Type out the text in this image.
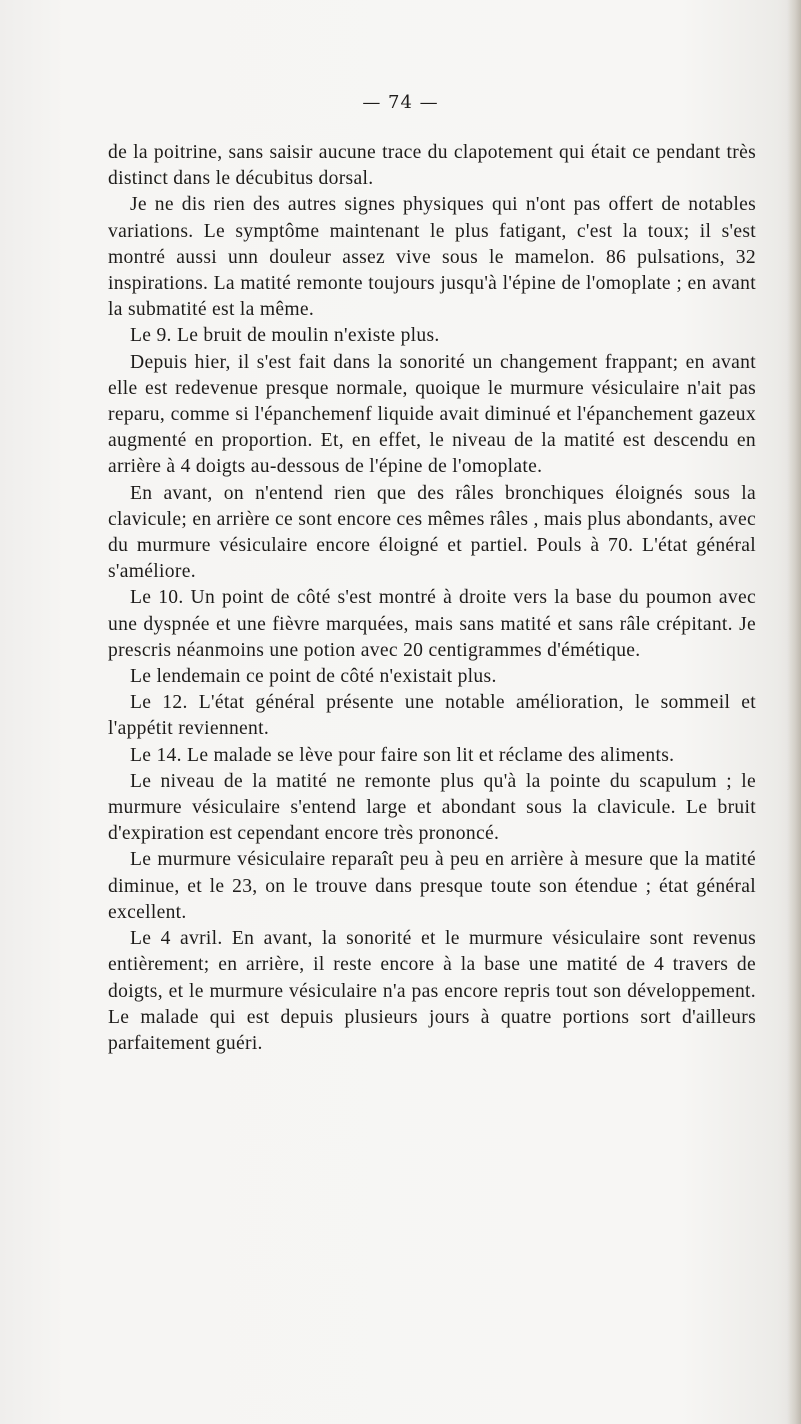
— 74 —

de la poitrine, sans saisir aucune trace du clapotement qui était ce pendant très distinct dans le décubitus dorsal.

Je ne dis rien des autres signes physiques qui n'ont pas offert de notables variations. Le symptôme maintenant le plus fatigant, c'est la toux; il s'est montré aussi unn douleur assez vive sous le mamelon. 86 pulsations, 32 inspirations. La matité remonte toujours jusqu'à l'épine de l'omoplate ; en avant la submatité est la même.

Le 9. Le bruit de moulin n'existe plus.

Depuis hier, il s'est fait dans la sonorité un changement frappant; en avant elle est redevenue presque normale, quoique le murmure vésiculaire n'ait pas reparu, comme si l'épanchemenf liquide avait diminué et l'épanchement gazeux augmenté en proportion. Et, en effet, le niveau de la matité est descendu en arrière à 4 doigts au-dessous de l'épine de l'omoplate.

En avant, on n'entend rien que des râles bronchiques éloignés sous la clavicule; en arrière ce sont encore ces mêmes râles , mais plus abondants, avec du murmure vésiculaire encore éloigné et partiel. Pouls à 70. L'état général s'améliore.

Le 10. Un point de côté s'est montré à droite vers la base du poumon avec une dyspnée et une fièvre marquées, mais sans matité et sans râle crépitant. Je prescris néanmoins une potion avec 20 centigrammes d'émétique.

Le lendemain ce point de côté n'existait plus.

Le 12. L'état général présente une notable amélioration, le sommeil et l'appétit reviennent.

Le 14. Le malade se lève pour faire son lit et réclame des aliments.

Le niveau de la matité ne remonte plus qu'à la pointe du scapulum ; le murmure vésiculaire s'entend large et abondant sous la clavicule. Le bruit d'expiration est cependant encore très prononcé.

Le murmure vésiculaire reparaît peu à peu en arrière à mesure que la matité diminue, et le 23, on le trouve dans presque toute son étendue ; état général excellent.

Le 4 avril. En avant, la sonorité et le murmure vésiculaire sont revenus entièrement; en arrière, il reste encore à la base une matité de 4 travers de doigts, et le murmure vésiculaire n'a pas encore repris tout son développement. Le malade qui est depuis plusieurs jours à quatre portions sort d'ailleurs parfaitement guéri.
